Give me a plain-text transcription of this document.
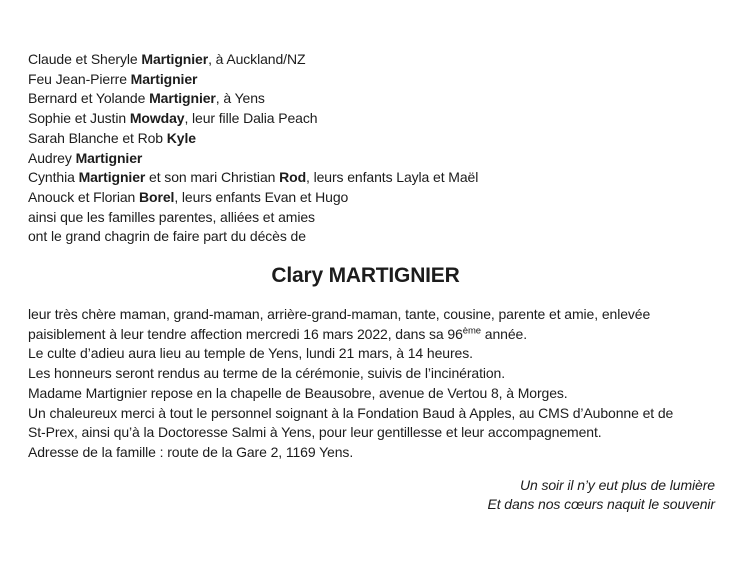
Claude et Sheryle Martignier, à Auckland/NZ
Feu Jean-Pierre Martignier
Bernard et Yolande Martignier, à Yens
Sophie et Justin Mowday, leur fille Dalia Peach
Sarah Blanche et Rob Kyle
Audrey Martignier
Cynthia Martignier et son mari Christian Rod, leurs enfants Layla et Maël
Anouck et Florian Borel, leurs enfants Evan et Hugo
ainsi que les familles parentes, alliées et amies
ont le grand chagrin de faire part du décès de
Clary MARTIGNIER
leur très chère maman, grand-maman, arrière-grand-maman, tante, cousine, parente et amie, enlevée
paisiblement à leur tendre affection mercredi 16 mars 2022, dans sa 96ème année.
Le culte d’adieu aura lieu au temple de Yens, lundi 21 mars, à 14 heures.
Les honneurs seront rendus au terme de la cérémonie, suivis de l’incinération.
Madame Martignier repose en la chapelle de Beausobre, avenue de Vertou 8, à Morges.
Un chaleureux merci à tout le personnel soignant à la Fondation Baud à Apples, au CMS d’Aubonne et de
St-Prex, ainsi qu’à la Doctoresse Salmi à Yens, pour leur gentillesse et leur accompagnement.
Adresse de la famille : route de la Gare 2, 1169 Yens.
Un soir il n’y eut plus de lumière
Et dans nos cœurs naquit le souvenir
